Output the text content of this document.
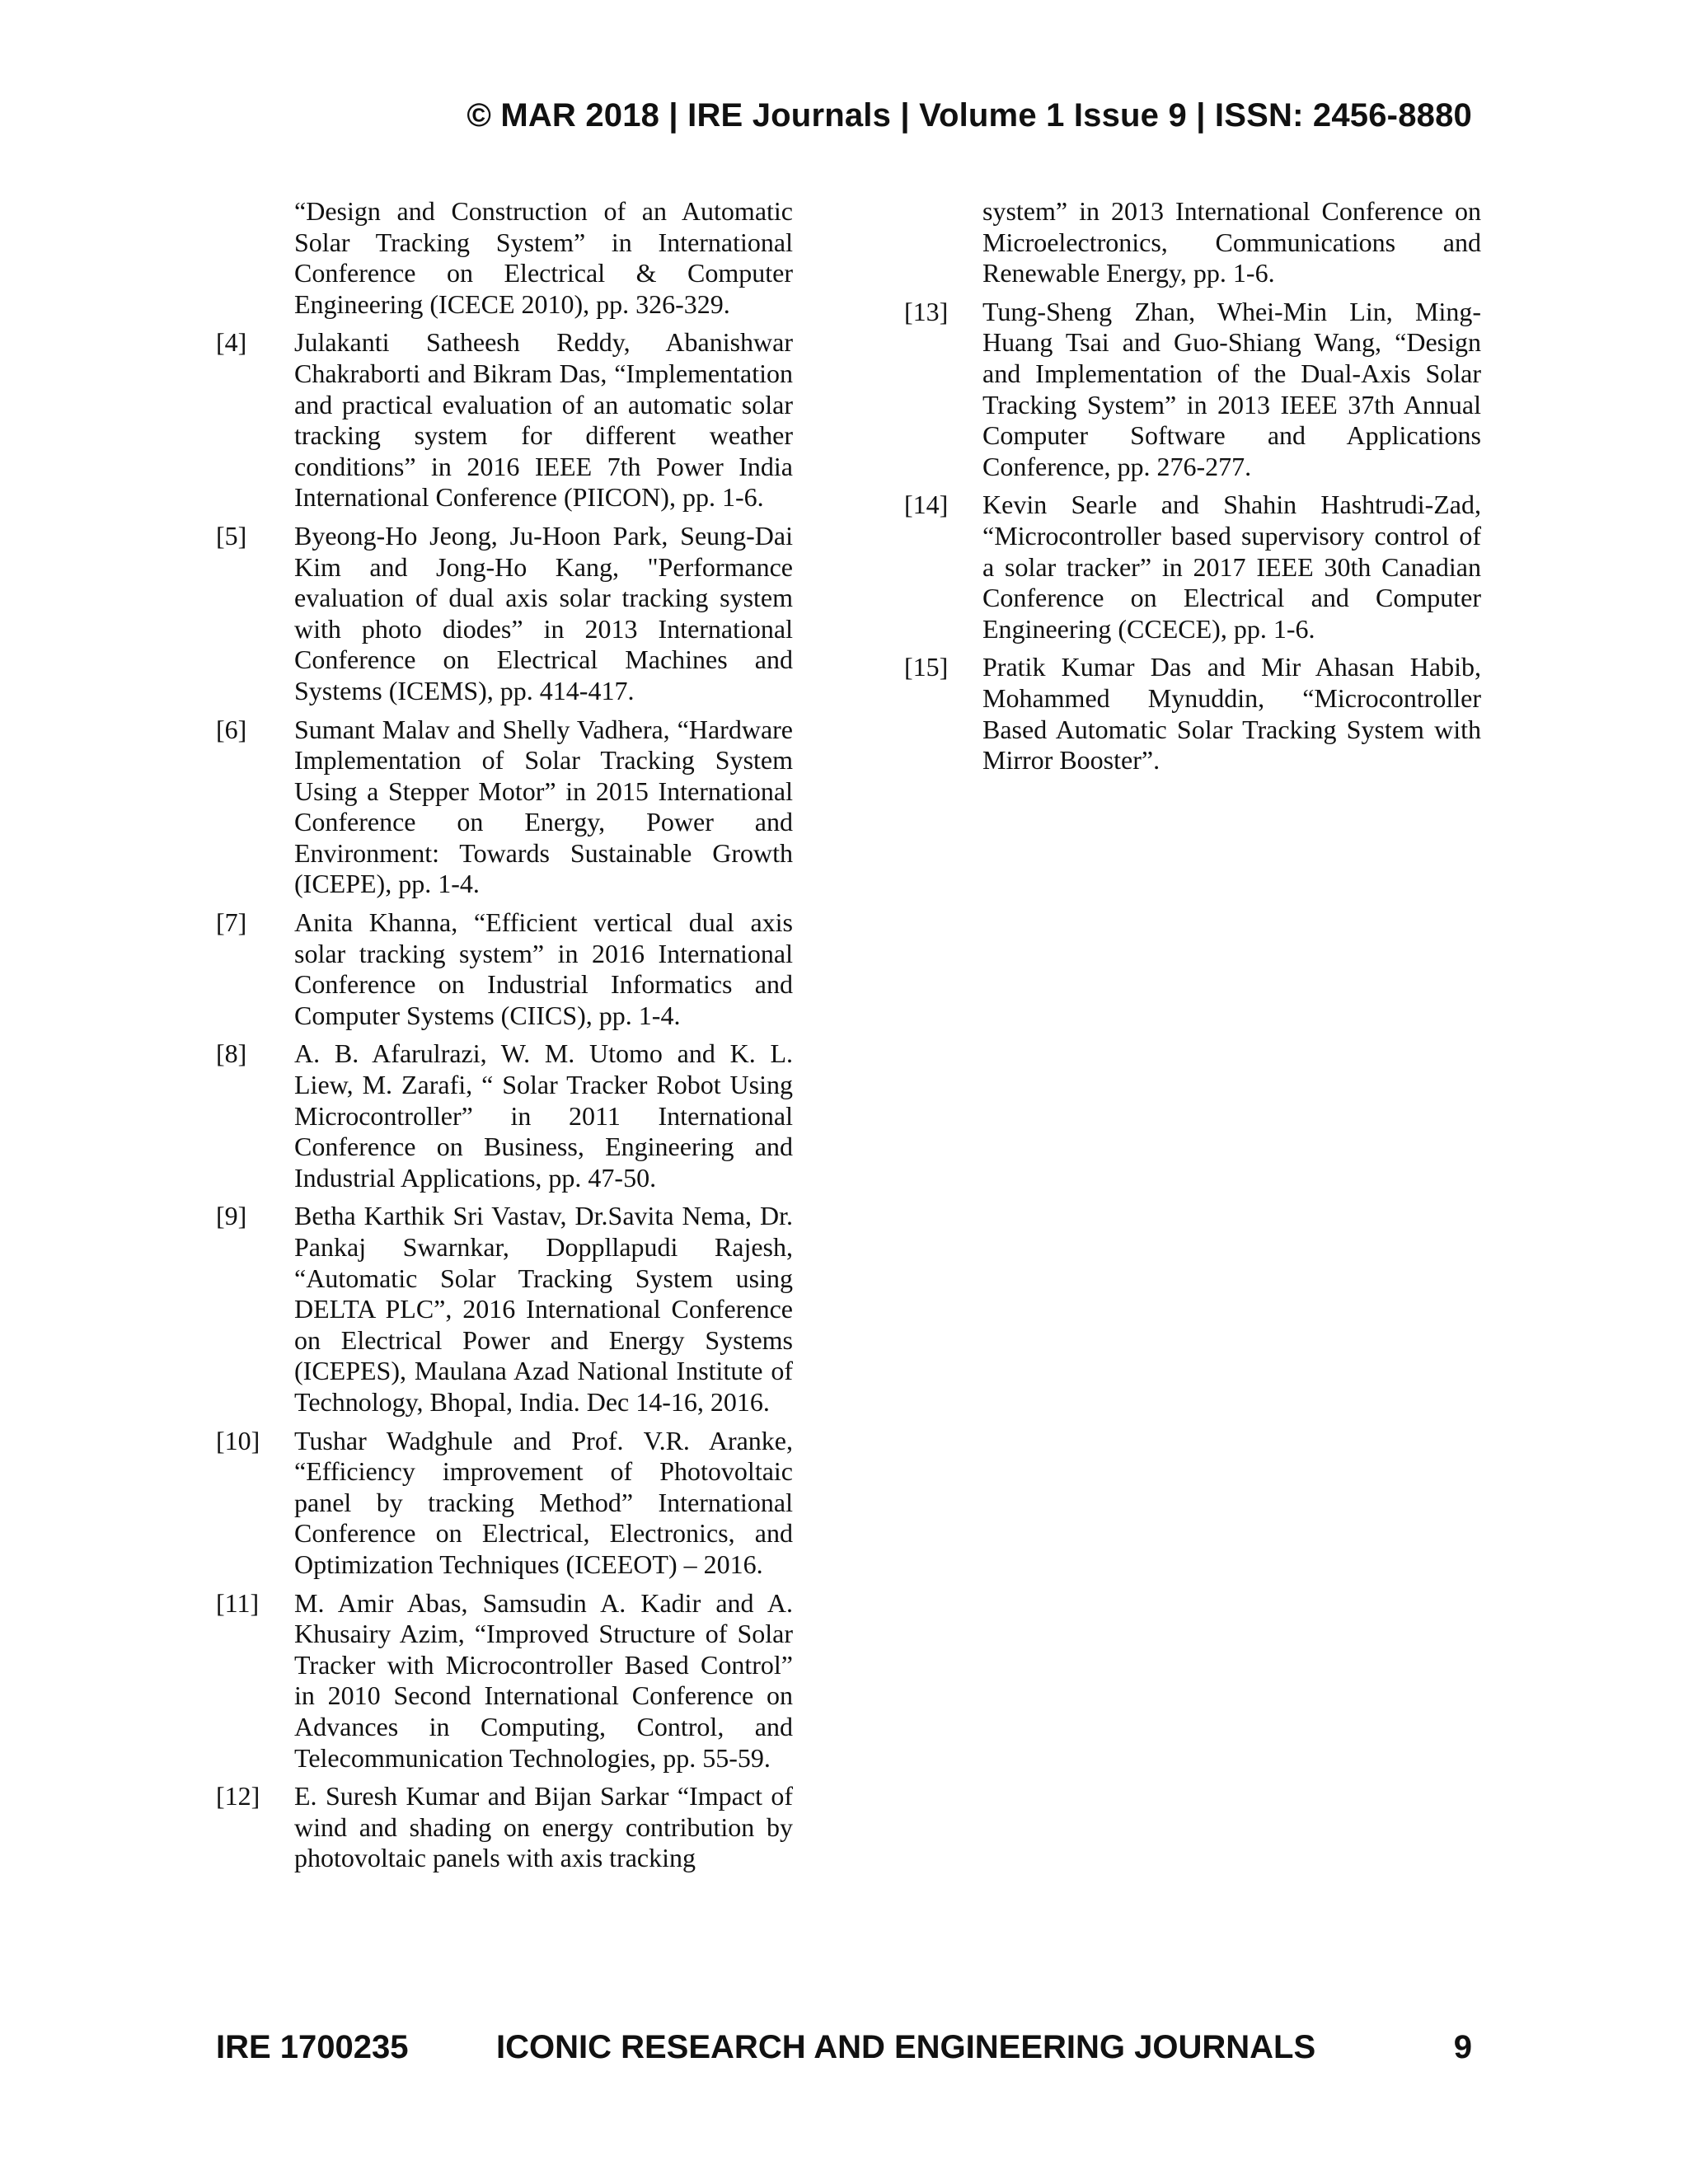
© MAR 2018 | IRE Journals | Volume 1 Issue 9 | ISSN: 2456-8880
“Design and Construction of an Automatic Solar Tracking System” in International Conference on Electrical & Computer Engineering (ICECE 2010), pp. 326-329.
[4] Julakanti Satheesh Reddy, Abanishwar Chakraborti and Bikram Das, “Implementation and practical evaluation of an automatic solar tracking system for different weather conditions” in 2016 IEEE 7th Power India International Conference (PIICON), pp. 1-6.
[5] Byeong-Ho Jeong, Ju-Hoon Park, Seung-Dai Kim and Jong-Ho Kang, "Performance evaluation of dual axis solar tracking system with photo diodes” in 2013 International Conference on Electrical Machines and Systems (ICEMS), pp. 414-417.
[6] Sumant Malav and Shelly Vadhera, “Hardware Implementation of Solar Tracking System Using a Stepper Motor” in 2015 International Conference on Energy, Power and Environment: Towards Sustainable Growth (ICEPE), pp. 1-4.
[7] Anita Khanna, “Efficient vertical dual axis solar tracking system” in 2016 International Conference on Industrial Informatics and Computer Systems (CIICS), pp. 1-4.
[8] A. B. Afarulrazi, W. M. Utomo and K. L. Liew, M. Zarafi, “ Solar Tracker Robot Using Microcontroller” in 2011 International Conference on Business, Engineering and Industrial Applications, pp. 47-50.
[9] Betha Karthik Sri Vastav, Dr.Savita Nema, Dr. Pankaj Swarnkar, Doppllapudi Rajesh, “Automatic Solar Tracking System using DELTA PLC”, 2016 International Conference on Electrical Power and Energy Systems (ICEPES), Maulana Azad National Institute of Technology, Bhopal, India. Dec 14-16, 2016.
[10] Tushar Wadghule and Prof. V.R. Aranke, “Efficiency improvement of Photovoltaic panel by tracking Method” International Conference on Electrical, Electronics, and Optimization Techniques (ICEEOT) – 2016.
[11] M. Amir Abas, Samsudin A. Kadir and A. Khusairy Azim, “Improved Structure of Solar Tracker with Microcontroller Based Control” in 2010 Second International Conference on Advances in Computing, Control, and Telecommunication Technologies, pp. 55-59.
[12] E. Suresh Kumar and Bijan Sarkar “Impact of wind and shading on energy contribution by photovoltaic panels with axis tracking
system” in 2013 International Conference on Microelectronics, Communications and Renewable Energy, pp. 1-6.
[13] Tung-Sheng Zhan, Whei-Min Lin, Ming-Huang Tsai and Guo-Shiang Wang, “Design and Implementation of the Dual-Axis Solar Tracking System” in 2013 IEEE 37th Annual Computer Software and Applications Conference, pp. 276-277.
[14] Kevin Searle and Shahin Hashtrudi-Zad, “Microcontroller based supervisory control of a solar tracker” in 2017 IEEE 30th Canadian Conference on Electrical and Computer Engineering (CCECE), pp. 1-6.
[15] Pratik Kumar Das and Mir Ahasan Habib, Mohammed Mynuddin, “Microcontroller Based Automatic Solar Tracking System with Mirror Booster”.
IRE 1700235	ICONIC RESEARCH AND ENGINEERING JOURNALS	9
